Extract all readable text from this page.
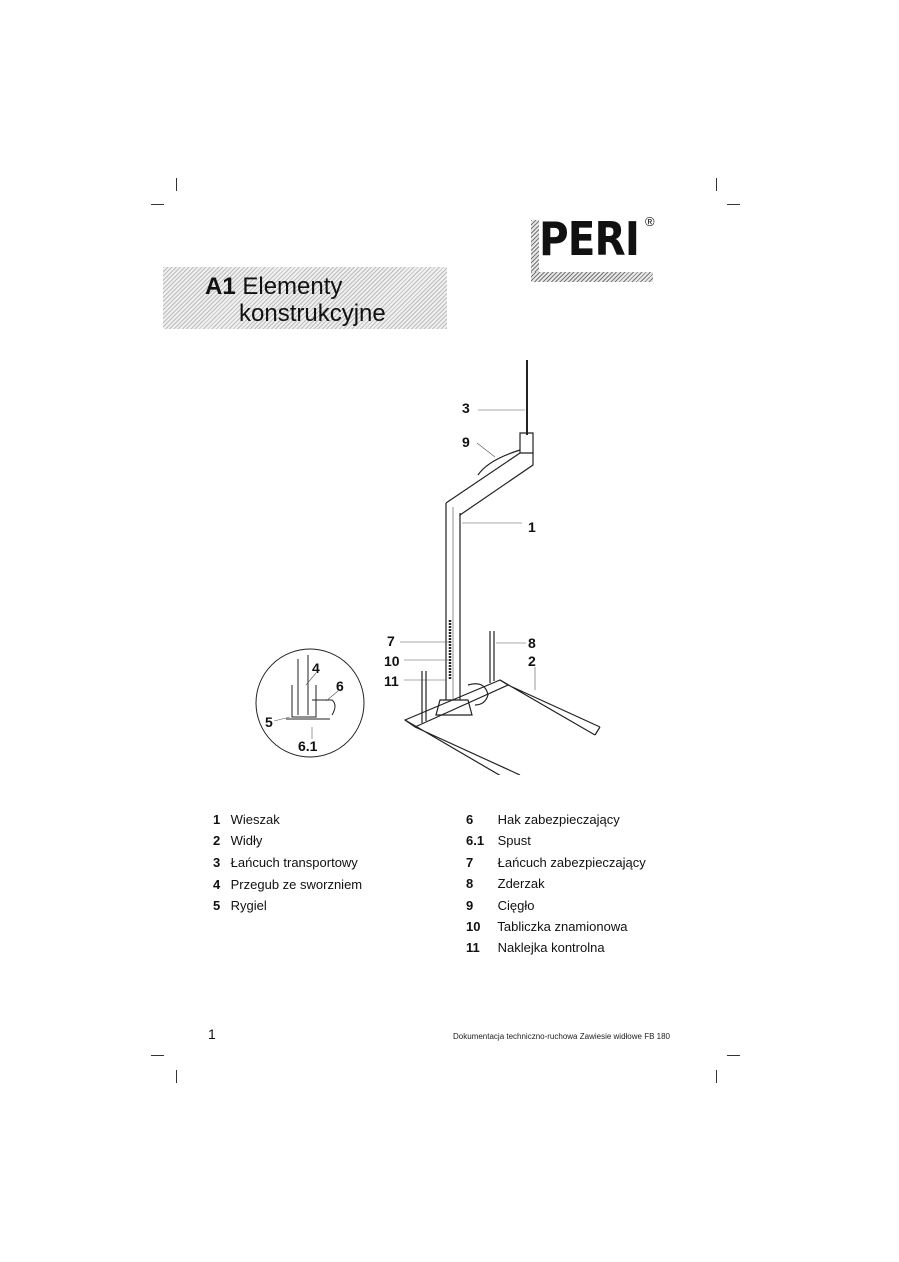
PERI ®
A1 Elementy
konstrukcyjne
3
9
1
7
10
11
8
2
4
6
5
6.1
1 Wieszak
2 Widły
3 Łańcuch transportowy
4 Przegub ze sworzniem
5 Rygiel
6 Hak zabezpieczający
6.1 Spust
7 Łańcuch zabezpieczający
8 Zderzak
9 Cięgło
10 Tabliczka znamionowa
11 Naklejka kontrolna
1	Dokumentacja techniczno-ruchowa Zawiesie widłowe FB 180
